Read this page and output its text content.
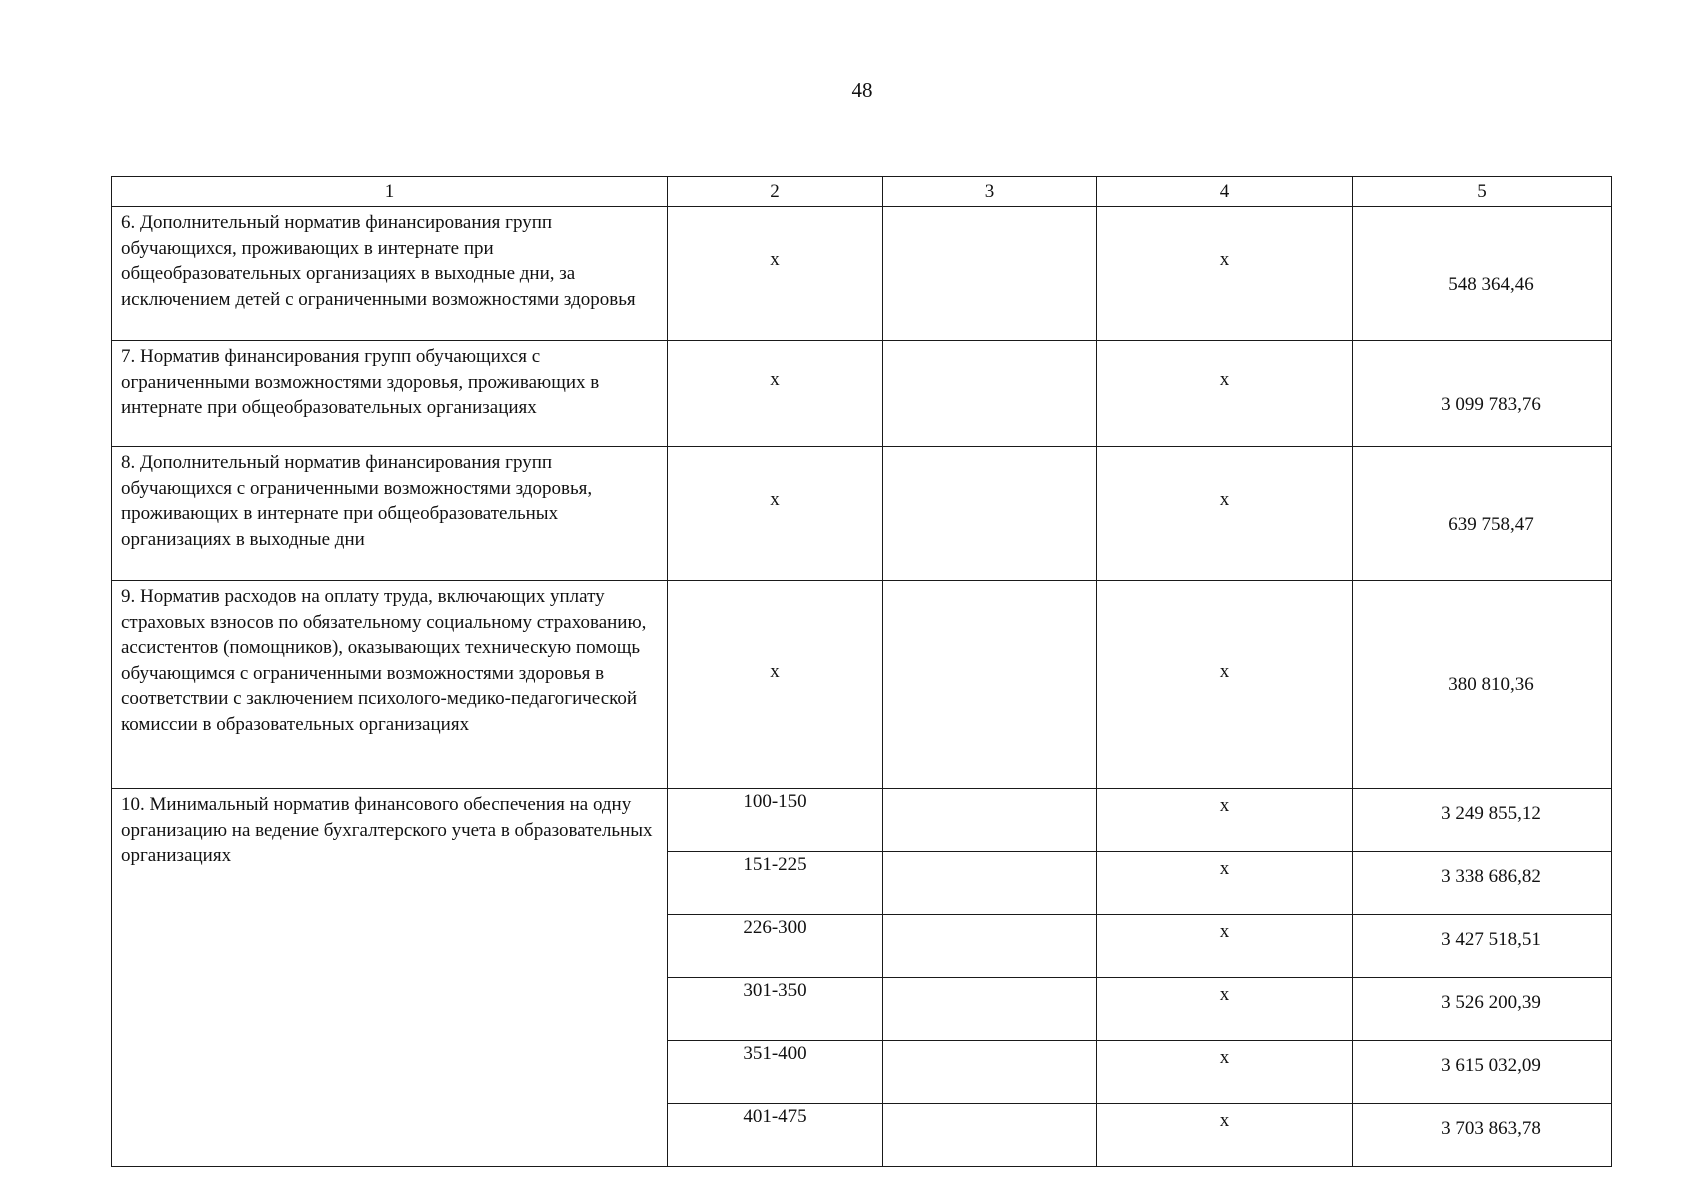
48
1	2	3	4	5
6. Дополнительный норматив финансирования групп обучающихся, проживающих в интернате при общеобразовательных организациях в выходные дни, за исключением детей с ограниченными возможностями здоровья	х		х	548 364,46

7. Норматив финансирования групп обучающихся с ограниченными возможностями здоровья, проживающих в интернате при общеобразовательных организациях	х		х	3 099 783,76

8. Дополнительный норматив финансирования групп обучающихся с ограниченными возможностями здоровья, проживающих в интернате при общеобразовательных организациях в выходные дни	х		х	639 758,47

9. Норматив расходов на оплату труда, включающих уплату страховых взносов по обязательному социальному страхованию, ассистентов (помощников), оказывающих техническую помощь обучающимся с ограниченными возможностями здоровья в соответствии с заключением психолого-медико-педагогической комиссии в образовательных организациях	х		х	380 810,36

10. Минимальный норматив финансового обеспечения на одну организацию на ведение бухгалтерского учета в образовательных организациях	100-150		х	3 249 855,12
	151-225		х	3 338 686,82
	226-300		х	3 427 518,51
	301-350		х	3 526 200,39
	351-400		х	3 615 032,09
	401-475		х	3 703 863,78
